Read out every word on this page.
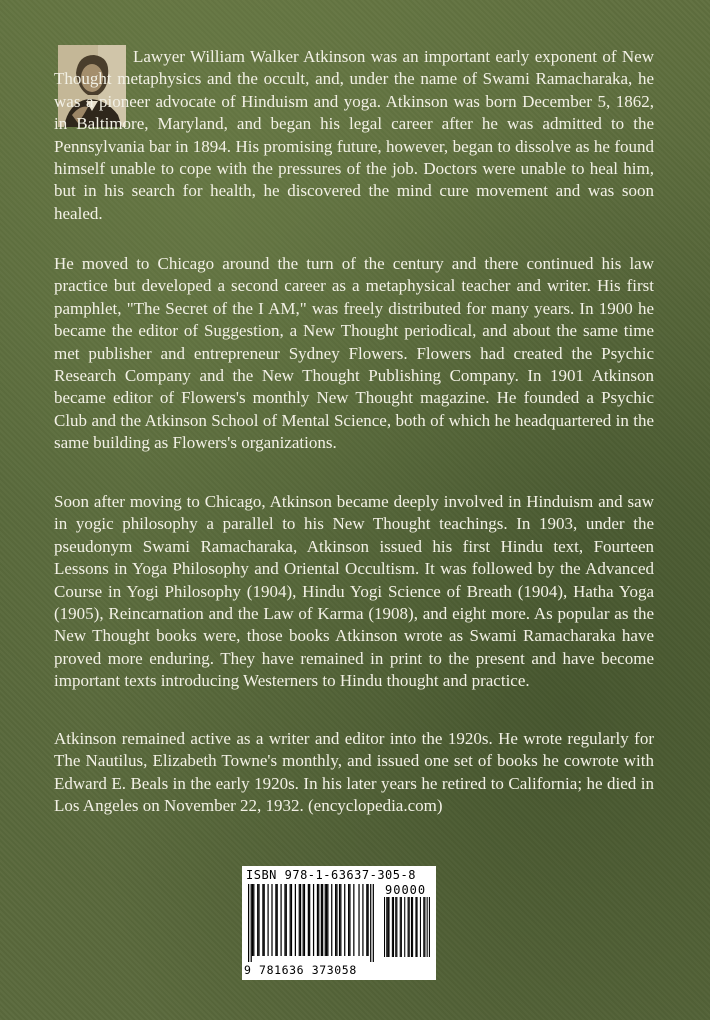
Lawyer William Walker Atkinson was an important early exponent of New Thought metaphysics and the occult, and, under the name of Swami Ramacharaka, he was a pioneer advocate of Hinduism and yoga. Atkinson was born December 5, 1862, in Baltimore, Maryland, and began his legal career after he was admitted to the Pennsylvania bar in 1894. His promising future, however, began to dissolve as he found himself unable to cope with the pressures of the job. Doctors were unable to heal him, but in his search for health, he discovered the mind cure movement and was soon healed.

He moved to Chicago around the turn of the century and there continued his law practice but developed a second career as a metaphysical teacher and writer. His first pamphlet, "The Secret of the I AM," was freely distributed for many years. In 1900 he became the editor of Suggestion, a New Thought periodical, and about the same time met publisher and entrepreneur Sydney Flowers. Flowers had created the Psychic Research Company and the New Thought Publishing Company. In 1901 Atkinson became editor of Flowers's monthly New Thought magazine. He founded a Psychic Club and the Atkinson School of Mental Science, both of which he headquartered in the same building as Flowers's organizations.

Soon after moving to Chicago, Atkinson became deeply involved in Hinduism and saw in yogic philosophy a parallel to his New Thought teachings. In 1903, under the pseudonym Swami Ramacharaka, Atkinson issued his first Hindu text, Fourteen Lessons in Yoga Philosophy and Oriental Occultism. It was followed by the Advanced Course in Yogi Philosophy (1904), Hindu Yogi Science of Breath (1904), Hatha Yoga (1905), Reincarnation and the Law of Karma (1908), and eight more. As popular as the New Thought books were, those books Atkinson wrote as Swami Ramacharaka have proved more enduring. They have remained in print to the present and have become important texts introducing Westerners to Hindu thought and practice.

Atkinson remained active as a writer and editor into the 1920s. He wrote regularly for The Nautilus, Elizabeth Towne's monthly, and issued one set of books he cowrote with Edward E. Beals in the early 1920s. In his later years he retired to California; he died in Los Angeles on November 22, 1932. (encyclopedia.com)

ISBN 978-1-63637-305-8
90000
9 781636 373058
